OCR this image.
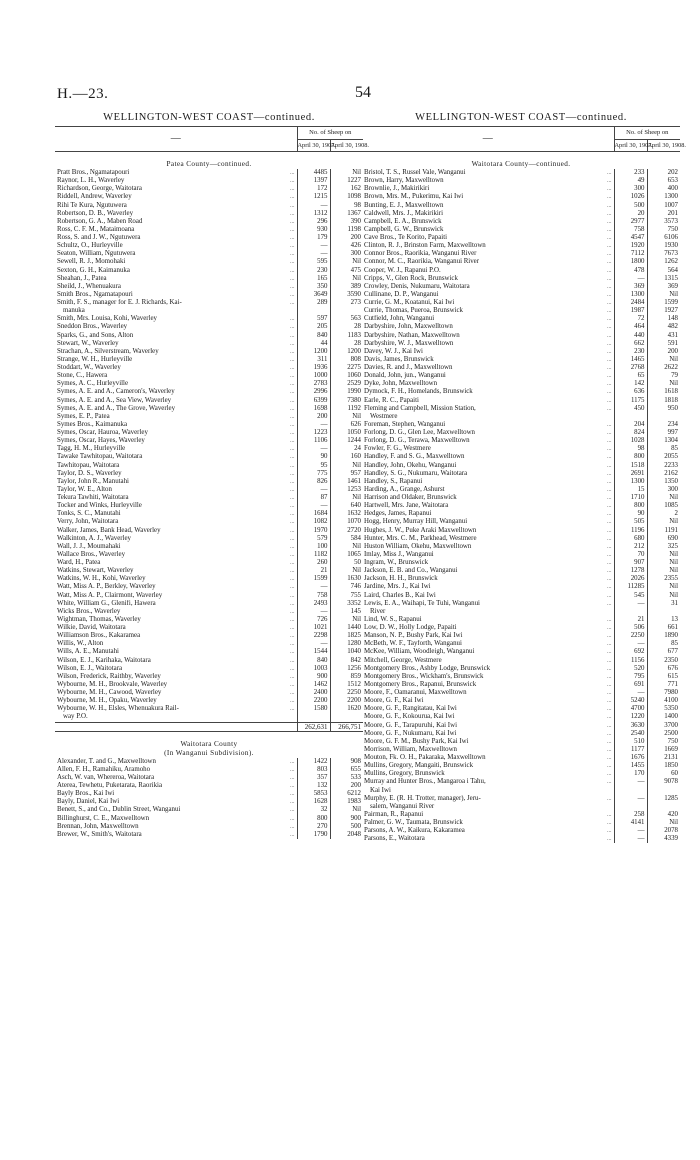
H.—23.	54
WELLINGTON-WEST COAST—continued.
—		No. of Sheep on	
		April 30, 1907.	April 30, 1908.

Patea County—continued.			
Pratt Bros., Ngamatapouri	...	4485	Nil
Raynor, L. H., Waverley	...	1397	1227
Richardson, George, Waitotara	...	172	162
Riddell, Andrew, Waverley	...	1215	1098
Rihi Te Kura, Ngutuwera	...	—	98
Robertson, D. B., Waverley	...	1312	1367
Robertson, G. A., Maben Road	...	296	390
Ross, C. F. M., Mataimoana	...	930	1198
Ross, S. and J. W., Ngutuwera	...	179	200
Schultz, O., Hurleyville	...	—	426
Seaton, William, Ngutuwera	...	—	300
Sewell, R. J., Momohaki	...	595	Nil
Sexton, G. H., Kaimanuka	...	230	475
Sheahan, J., Patea	...	165	Nil
Sheild, J., Whenuakura	...	350	389
Smith Bros., Ngamatapouri	...	3649	3590
Smith, F. S., manager for E. J. Richards, Kai-	...	289	273
manuka			
Smith, Mrs. Louisa, Kohi, Waverley	...	597	563
Sneddon Bros., Waverley	...	205	28
Sparks, G., and Sons, Alton	...	840	1183
Stewart, W., Waverley	...	44	28
Strachan, A., Silverstream, Waverley	...	1200	1200
Strange, W. H., Hurleyville	...	311	808
Stoddart, W., Waverley	...	1936	2275
Stone, C., Hawera	...	1000	1060
Symes, A. C., Hurleyville	...	2783	2529
Symes, A. E. and A., Cameron's, Waverley	...	2996	1990
Symes, A. E. and A., Sea View, Waverley	...	6399	7380
Symes, A. E. and A., The Grove, Waverley	...	1698	1192
Symes, E. P., Patea	...	200	Nil
Symes Bros., Kaimanuka	...	—	626
Symes, Oscar, Hauroa, Waverley	...	1223	1050
Symes, Oscar, Hayes, Waverley	...	1106	1244
Tagg, H. M., Hurleyville	...	—	24
Tawake Tawhitopau, Waitotara	...	90	160
Tawhitopau, Waitotara	...	95	Nil
Taylor, D. S., Waverley	...	775	957
Taylor, John R., Manutahi	...	826	1461
Taylor, W. E., Alton	...	—	1253
Tekura Tawhiti, Waitotara	...	87	Nil
Tocker and Winks, Hurleyville	...	—	640
Tonks, S. C., Manutahi	...	1684	1632
Verry, John, Waitotara	...	1082	1070
Walker, James, Bank Head, Waverley	...	1970	2720
Walkinton, A. J., Waverley	...	579	584
Wall, J. J., Moumahaki	...	100	Nil
Wallace Bros., Waverley	...	1182	1065
Ward, H., Patea	...	260	50
Watkins, Stewart, Waverley	...	21	Nil
Watkins, W. H., Kohi, Waverley	...	1599	1630
Watt, Miss A. P., Berkley, Waverley	...	—	746
Watt, Miss A. P., Clairmont, Waverley	...	758	755
White, William G., Glenifi, Hawera	...	2493	3352
Wicks Bros., Waverley	...	—	145
Wightman, Thomas, Waverley	...	726	Nil
Wilkie, David, Waitotara	...	1021	1440
Williamson Bros., Kakaramea	...	2298	1825
Willis, W., Alton	...	—	1280
Wills, A. E., Manutahi	...	1544	1040
Wilson, E. J., Karihaka, Waitotara	...	840	842
Wilson, E. J., Waitotara	...	1003	1256
Wilson, Frederick, Raithby, Waverley	...	900	859
Wybourne, M. H., Brookvale, Waverley	...	1462	1512
Wybourne, M. H., Cawood, Waverley	...	2400	2250
Wybourne, M. H., Opaku, Waverley	...	2200	2200
Wybourne, W. H., Elsles, Whenuakura Rail-	...	1580	1620
way P.O.			
		262,631	266,751

Waitotara County			
(In Wanganui Subdivision).			
Alexander, T. and G., Maxwelltown	...	1422	908
Allen, F. H., Ramahiku, Aramoho	...	803	655
Asch, W. van, Whereroa, Waitotara	...	357	533
Aterea, Tewhetu, Puketarata, Raorikia	...	132	200
Bayly Bros., Kai Iwi	...	5853	6212
Bayly, Daniel, Kai Iwi	...	1628	1983
Benett, S., and Co., Dublin Street, Wanganui	...	32	Nil
Billinghurst, C. E., Maxwelltown	...	800	900
Brennan, John, Maxwelltown	...	270	500
Brewer, W., Smith's, Waitotara	...	1790	2048
WELLINGTON-WEST COAST—continued.
—		No. of Sheep on	
		April 30, 1907.	April 30, 1908.

Waitotara County—continued.			
Bristol, T. S., Russel Vale, Wanganui	...	233	202
Brown, Harry, Maxwelltown	...	49	653
Brownlie, J., Makirikiri	...	300	400
Brown, Mrs. M., Pukerimu, Kai Iwi	...	1026	1300
Bunting, E. J., Maxwelltown	...	500	1007
Caldwell, Mrs. J., Makirikiri	...	20	201
Campbell, E. A., Brunswick	...	2977	3573
Campbell, G. W., Brunswick	...	758	750
Cave Bros., Te Korito, Papaiti	...	4547	6106
Clinton, R. J., Brinston Farm, Maxwelltown	...	1920	1930
Connor Bros., Raorikia, Wanganui River	...	7112	7673
Connor, M. C., Raorikia, Wanganui River	...	1800	1262
Cooper, W. J., Rapanui P.O.	...	478	564
Cripps, V., Glen Rock, Brunswick	...	—	1315
Crowley, Denis, Nukumaru, Waitotara	...	369	369
Cullinane, D. P., Wanganui	...	1300	Nil
Currie, G. M., Koatanui, Kai Iwi	...	2484	1599
Currie, Thomas, Pueroa, Brunswick	...	1987	1927
Cutfield, John, Wanganui	...	72	148
Darbyshire, John, Maxwelltown	...	464	482
Darbyshire, Nathan, Maxwelltown	...	440	431
Darbyshire, W. J., Maxwelltown	...	662	591
Davey, W. J., Kai Iwi	...	230	200
Davis, James, Brunswick	...	1465	Nil
Davies, R. and J., Maxwelltown	...	2768	2622
Donald, John, jun., Wanganui	...	65	79
Dyke, John, Maxwelltown	...	142	Nil
Dymock, F. H., Homelands, Brunswick	...	636	1618
Earle, R. C., Papaiti	...	1175	1818
Fleming and Campbell, Mission Station,	...	450	950
Westmere			
Foreman, Stephen, Wanganui	...	204	234
Forlong, D. G., Glen Lee, Maxwelltown	...	824	997
Forlong, D. G., Terawa, Maxwelltown	...	1028	1304
Fowler, F. G., Westmere	...	98	85
Handley, F. and S. G., Maxwelltown	...	800	2055
Handley, John, Okehu, Wanganui	...	1518	2233
Handley, S. G., Nukumaru, Waitotara	...	2691	2162
Handley, S., Rapanui	...	1300	1350
Harding, A., Grange, Ashurst	...	15	300
Harrison and Oldaker, Brunswick	...	1710	Nil
Hartwell, Mrs. Jane, Waitotara	...	800	1085
Hedges, James, Rapanui	...	90	2
Hogg, Henry, Murray Hill, Wanganui	...	505	Nil
Hughes, J. W., Puke Araki Maxwelltown	...	1196	1191
Hunter, Mrs. C. M., Parkhead, Westmere	...	680	690
Huston William, Okehu, Maxwelltown	...	212	325
Imlay, Miss J., Wanganui	...	70	Nil
Ingram, W., Brunswick	...	907	Nil
Jackson, E. B. and Co., Wanganui	...	1278	Nil
Jackson, H. H., Brunswick	...	2026	2355
Jardine, Mrs. J., Kai Iwi	...	11285	Nil
Laird, Charles B., Kai Iwi	...	545	Nil
Lewis, E. A., Waihapi, Te Tuhi, Wanganui	...	—	31
River			
Lind, W. S., Rapanui	...	21	13
Low, D. W., Holly Lodge, Papaiti	...	506	661
Manson, N. P., Bushy Park, Kai Iwi	...	2250	1890
McBeth, W. F., Tayforth, Wanganui	...	—	85
McKee, William, Woodleigh, Wanganui	...	692	677
Mitchell, George, Westmere	...	1156	2350
Montgomery Bros., Ashby Lodge, Brunswick	...	520	676
Montgomery Bros., Wickham's, Brunswick	...	795	615
Montgomery Bros., Rapanui, Brunswick	...	691	771
Moore, F., Oamaranui, Maxwelltown	...	—	7980
Moore, G. F., Kai Iwi	...	5240	4100
Moore, G. F., Rangitatau, Kai Iwi	...	4700	5350
Moore, G. F., Kokourua, Kai Iwi	...	1220	1400
Moore, G. F., Tarapuruhi, Kai Iwi	...	3630	3700
Moore, G. F., Nukumaru, Kai Iwi	...	2540	2500
Moore, G. F. M., Bushy Park, Kai Iwi	...	510	750
Morrison, William, Maxwelltown	...	1177	1669
Mouton, Fk. O. H., Pakaraka, Maxwelltown	...	1676	2131
Mullins, Gregory, Mangaiti, Brunswick	...	1455	1850
Mullins, Gregory, Brunswick	...	170	60
Murray and Hunter Bros., Mangaroa i Tahu,	...	—	9078
Kai Iwi			
Murphy, E. (R. H. Trotter, manager), Jeru-	...	—	1285
salem, Wanganui River			
Pairman, R., Rapanui	...	258	420
Palmer, G. W., Taumata, Brunswick	...	4141	Nil
Parsons, A. W., Kaikura, Kakaramea	...	—	2078
Parsons, E., Waitotara	...	—	4339
